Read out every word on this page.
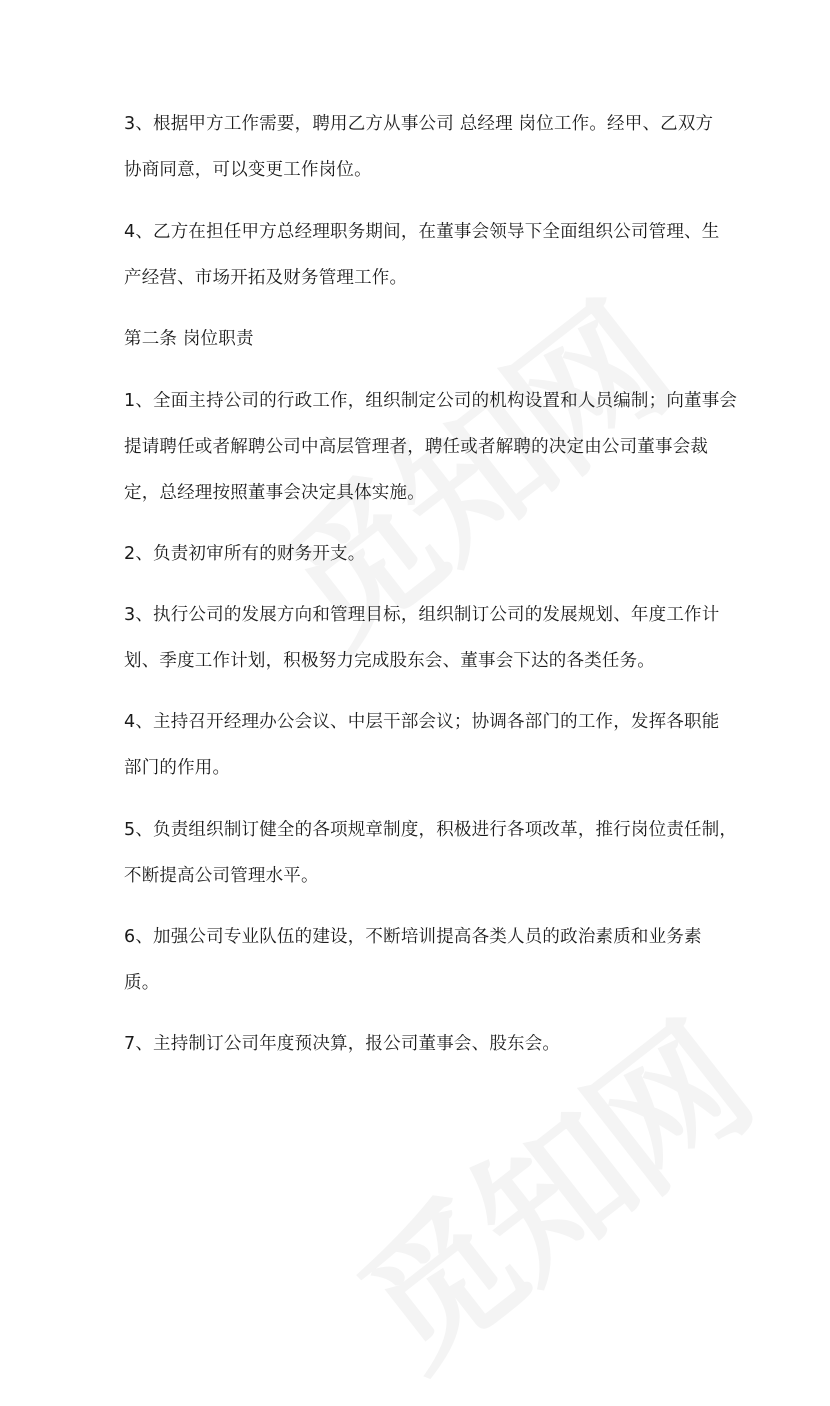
3、根据甲方工作需要，聘用乙方从事公司 总经理 岗位工作。经甲、乙双方
协商同意，可以变更工作岗位。
4、乙方在担任甲方总经理职务期间，在董事会领导下全面组织公司管理、生
产经营、市场开拓及财务管理工作。
第二条 岗位职责
1、全面主持公司的行政工作，组织制定公司的机构设置和人员编制；向董事会
提请聘任或者解聘公司中高层管理者，聘任或者解聘的决定由公司董事会裁
定，总经理按照董事会决定具体实施。
2、负责初审所有的财务开支。
3、执行公司的发展方向和管理目标，组织制订公司的发展规划、年度工作计
划、季度工作计划，积极努力完成股东会、董事会下达的各类任务。
4、主持召开经理办公会议、中层干部会议；协调各部门的工作，发挥各职能
部门的作用。
5、负责组织制订健全的各项规章制度，积极进行各项改革，推行岗位责任制，
不断提高公司管理水平。
6、加强公司专业队伍的建设，不断培训提高各类人员的政治素质和业务素
质。
7、主持制订公司年度预决算，报公司董事会、股东会。
